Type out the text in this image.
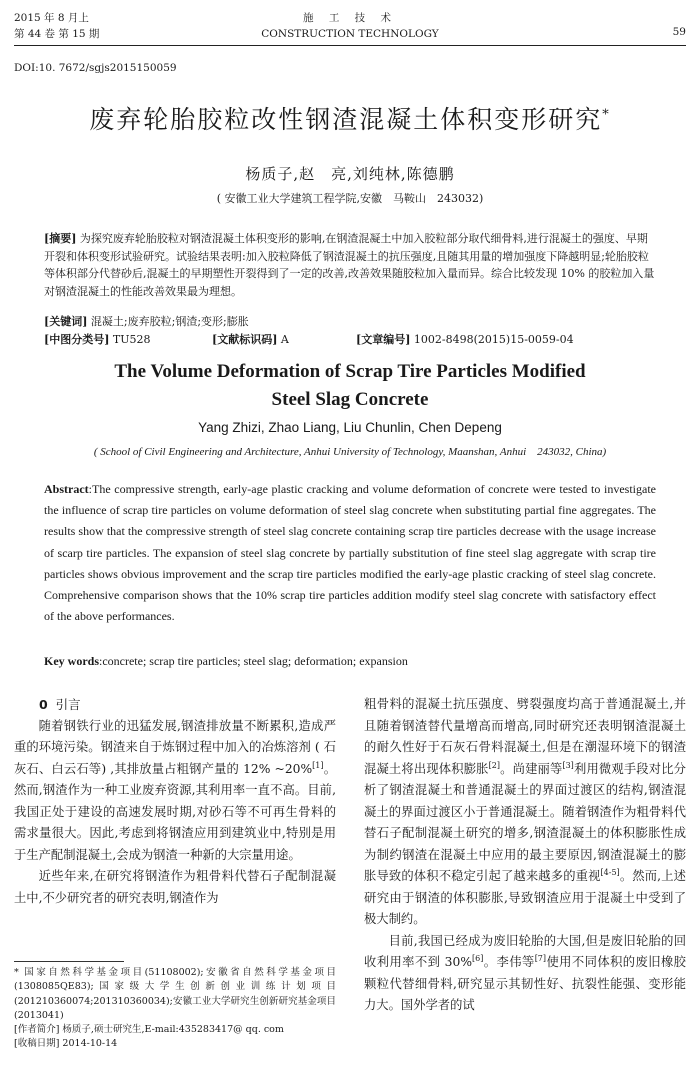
2015 年 8 月上
第 44 卷 第 15 期
施 工 技 术
CONSTRUCTION TECHNOLOGY	59
DOI:10. 7672/sgjs2015150059
废弃轮胎胶粒改性钢渣混凝土体积变形研究*
杨质子,赵　亮,刘纯林,陈德鹏
( 安徽工业大学建筑工程学院,安徽　马鞍山　243032)
[摘要] 为探究废弃轮胎胶粒对钢渣混凝土体积变形的影响,在钢渣混凝土中加入胶粒部分取代细骨料,进行混凝土的强度、早期开裂和体积变形试验研究。试验结果表明:加入胶粒降低了钢渣混凝土的抗压强度,且随其用量的增加强度下降越明显;轮胎胶粒等体积部分代替砂后,混凝土的早期塑性开裂得到了一定的改善,改善效果随胶粒加入量而异。综合比较发现 10% 的胶粒加入量对钢渣混凝土的性能改善效果最为理想。
[关键词] 混凝土;废弃胶粒;钢渣;变形;膨胀
[中图分类号] TU528	[文献标识码] A	[文章编号] 1002-8498(2015)15-0059-04
The Volume Deformation of Scrap Tire Particles Modified
Steel Slag Concrete
Yang Zhizi, Zhao Liang, Liu Chunlin, Chen Depeng
( School of Civil Engineering and Architecture, Anhui University of Technology, Maanshan, Anhui　243032, China)
Abstract:The compressive strength, early-age plastic cracking and volume deformation of concrete were tested to investigate the influence of scrap tire particles on volume deformation of steel slag concrete when substituting partial fine aggregates. The results show that the compressive strength of steel slag concrete containing scrap tire particles decrease with the usage increase of scarp tire particles. The expansion of steel slag concrete by partially substitution of fine steel slag aggregate with scrap tire particles shows obvious improvement and the scrap tire particles modified the early-age plastic cracking of steel slag concrete. Comprehensive comparison shows that the 10% scrap tire particles addition modify steel slag concrete with satisfactory effect of the above performances.
Key words:concrete; scrap tire particles; steel slag; deformation; expansion

0 引言

随着钢铁行业的迅猛发展,钢渣排放量不断累积,造成严重的环境污染。钢渣来自于炼钢过程中加入的冶炼溶剂 ( 石灰石、白云石等) ,其排放量占粗钢产量的 12% ~20%[1]。然而,钢渣作为一种工业废弃资源,其利用率一直不高。目前,我国正处于建设的高速发展时期,对砂石等不可再生骨料的需求量很大。因此,考虑到将钢渣应用到建筑业中,特别是用于生产配制混凝土,会成为钢渣一种新的大宗量用途。

近些年来,在研究将钢渣作为粗骨料代替石子配制混凝土中,不少研究者的研究表明,钢渣作为

粗骨料的混凝土抗压强度、劈裂强度均高于普通混凝土,并且随着钢渣替代量增高而增高,同时研究还表明钢渣混凝土的耐久性好于石灰石骨料混凝土,但是在潮湿环境下的钢渣混凝土将出现体积膨胀[2]。尚建丽等[3]利用微观手段对比分析了钢渣混凝土和普通混凝土的界面过渡区的结构,钢渣混凝土的界面过渡区小于普通混凝土。随着钢渣作为粗骨料代替石子配制混凝土研究的增多,钢渣混凝土的体积膨胀性成为制约钢渣在混凝土中应用的最主要原因,钢渣混凝土的膨胀导致的体积不稳定引起了越来越多的重视[4-5]。然而,上述研究由于钢渣的体积膨胀,导致钢渣应用于混凝土中受到了极大制约。

目前,我国已经成为废旧轮胎的大国,但是废旧轮胎的回收利用率不到 30%[6]。李伟等[7]使用不同体积的废旧橡胶颗粒代替细骨料,研究显示其韧性好、抗裂性能强、变形能力大。国外学者的试

* 国家自然科学基金项目(51108002);安徽省自然科学基金项目(1308085QE83);国家级大学生创新创业训练计划项目(201210360074;201310360034);安徽工业大学研究生创新研究基金项目(2013041)
[作者简介] 杨质子,硕士研究生,E-mail:435283417@ qq. com
[收稿日期] 2014-10-14
